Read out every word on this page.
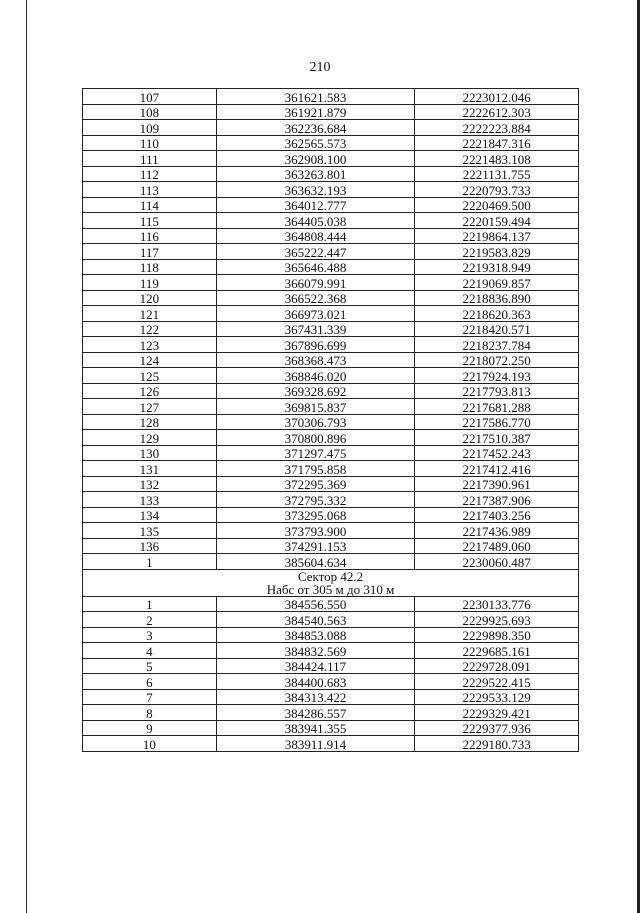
210
107	361621.583	2223012.046
108	361921.879	2222612.303
109	362236.684	2222223.884
110	362565.573	2221847.316
111	362908.100	2221483.108
112	363263.801	2221131.755
113	363632.193	2220793.733
114	364012.777	2220469.500
115	364405.038	2220159.494
116	364808.444	2219864.137
117	365222.447	2219583.829
118	365646.488	2219318.949
119	366079.991	2219069.857
120	366522.368	2218836.890
121	366973.021	2218620.363
122	367431.339	2218420.571
123	367896.699	2218237.784
124	368368.473	2218072.250
125	368846.020	2217924.193
126	369328.692	2217793.813
127	369815.837	2217681.288
128	370306.793	2217586.770
129	370800.896	2217510.387
130	371297.475	2217452.243
131	371795.858	2217412.416
132	372295.369	2217390.961
133	372795.332	2217387.906
134	373295.068	2217403.256
135	373793.900	2217436.989
136	374291.153	2217489.060
1	385604.634	2230060.487

Сектор 42.2
Набс от 305 м до 310 м		

1	384556.550	2230133.776
2	384540.563	2229925.693
3	384853.088	2229898.350
4	384832.569	2229685.161
5	384424.117	2229728.091
6	384400.683	2229522.415
7	384313.422	2229533.129
8	384286.557	2229329.421
9	383941.355	2229377.936
10	383911.914	2229180.733
